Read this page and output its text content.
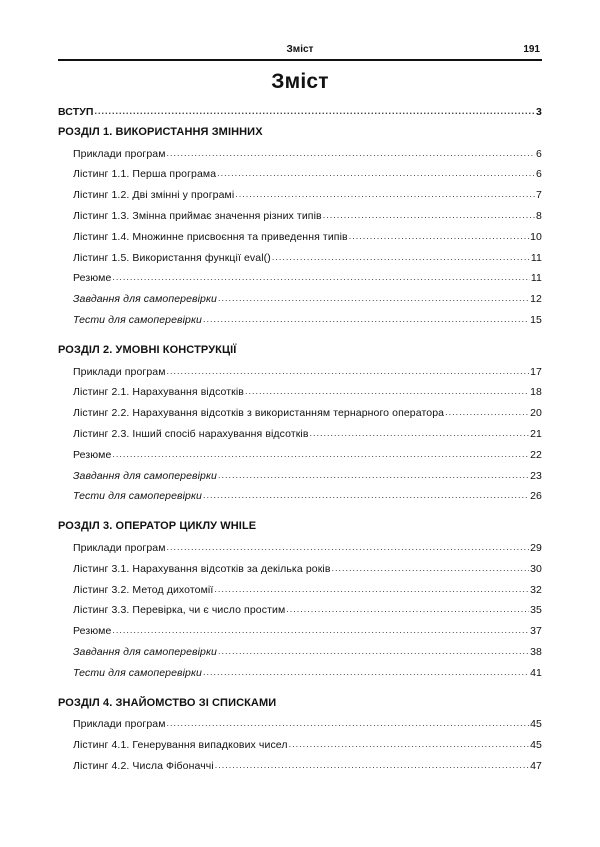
Зміст	191
Зміст
ВСТУП .....	3
РОЗДІЛ 1. ВИКОРИСТАННЯ ЗМІННИХ
Приклади програм .....	6
Лістинг 1.1. Перша програма .....	6
Лістинг 1.2. Дві змінні у програмі .....	7
Лістинг 1.3. Змінна приймає значення різних типів .....	8
Лістинг 1.4. Множинне присвоєння та приведення типів .....	10
Лістинг 1.5. Використання функції eval() .....	11
Резюме .....	11
Завдання для самоперевірки .....	12
Тести для самоперевірки .....	15
РОЗДІЛ 2. УМОВНІ КОНСТРУКЦІЇ
Приклади програм .....	17
Лістинг 2.1. Нарахування відсотків .....	18
Лістинг 2.2. Нарахування відсотків з використанням тернарного оператора .....	20
Лістинг 2.3. Інший спосіб нарахування відсотків .....	21
Резюме .....	22
Завдання для самоперевірки .....	23
Тести для самоперевірки .....	26
РОЗДІЛ 3. ОПЕРАТОР ЦИКЛУ WHILE
Приклади програм .....	29
Лістинг 3.1. Нарахування відсотків за декілька років .....	30
Лістинг 3.2. Метод дихотомії .....	32
Лістинг 3.3. Перевірка, чи є число простим .....	35
Резюме .....	37
Завдання для самоперевірки .....	38
Тести для самоперевірки .....	41
РОЗДІЛ 4. ЗНАЙОМСТВО ЗІ СПИСКАМИ
Приклади програм .....	45
Лістинг 4.1. Генерування випадкових чисел .....	45
Лістинг 4.2. Числа Фібоначчі .....	47
